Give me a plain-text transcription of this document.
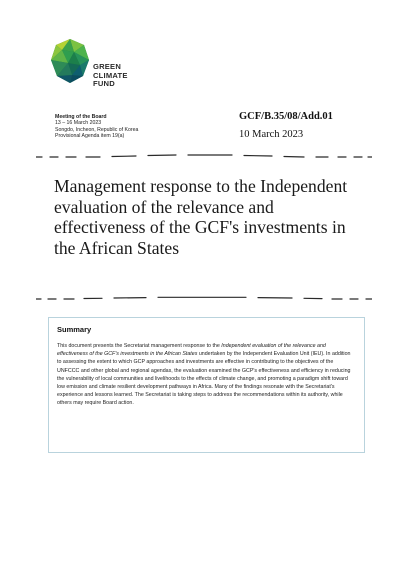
GREEN
CLIMATE
FUND
Meeting of the Board
13 – 16 March 2023
Songdo, Incheon, Republic of Korea
Provisional Agenda item 19(a)
GCF/B.35/08/Add.01
10 March 2023
Management response to the Independent evaluation of the relevance and effectiveness of the GCF's investments in the African States
Summary

This document presents the Secretariat management response to the Independent evaluation of the relevance and effectiveness of the GCF's investments in the African States undertaken by the Independent Evaluation Unit (IEU). In addition to assessing the extent to which GCP approaches and investments are effective in contributing to the objectives of the UNFCCC and other global and regional agendas, the evaluation examined the GCP's effectiveness and efficiency in reducing the vulnerability of local communities and livelihoods to the effects of climate change, and promoting a paradigm shift toward low emission and climate resilient development pathways in Africa. Many of the findings resonate with the Secretariat's experience and lessons learned. The Secretariat is taking steps to address the recommendations within its authority, while others may require Board action.
